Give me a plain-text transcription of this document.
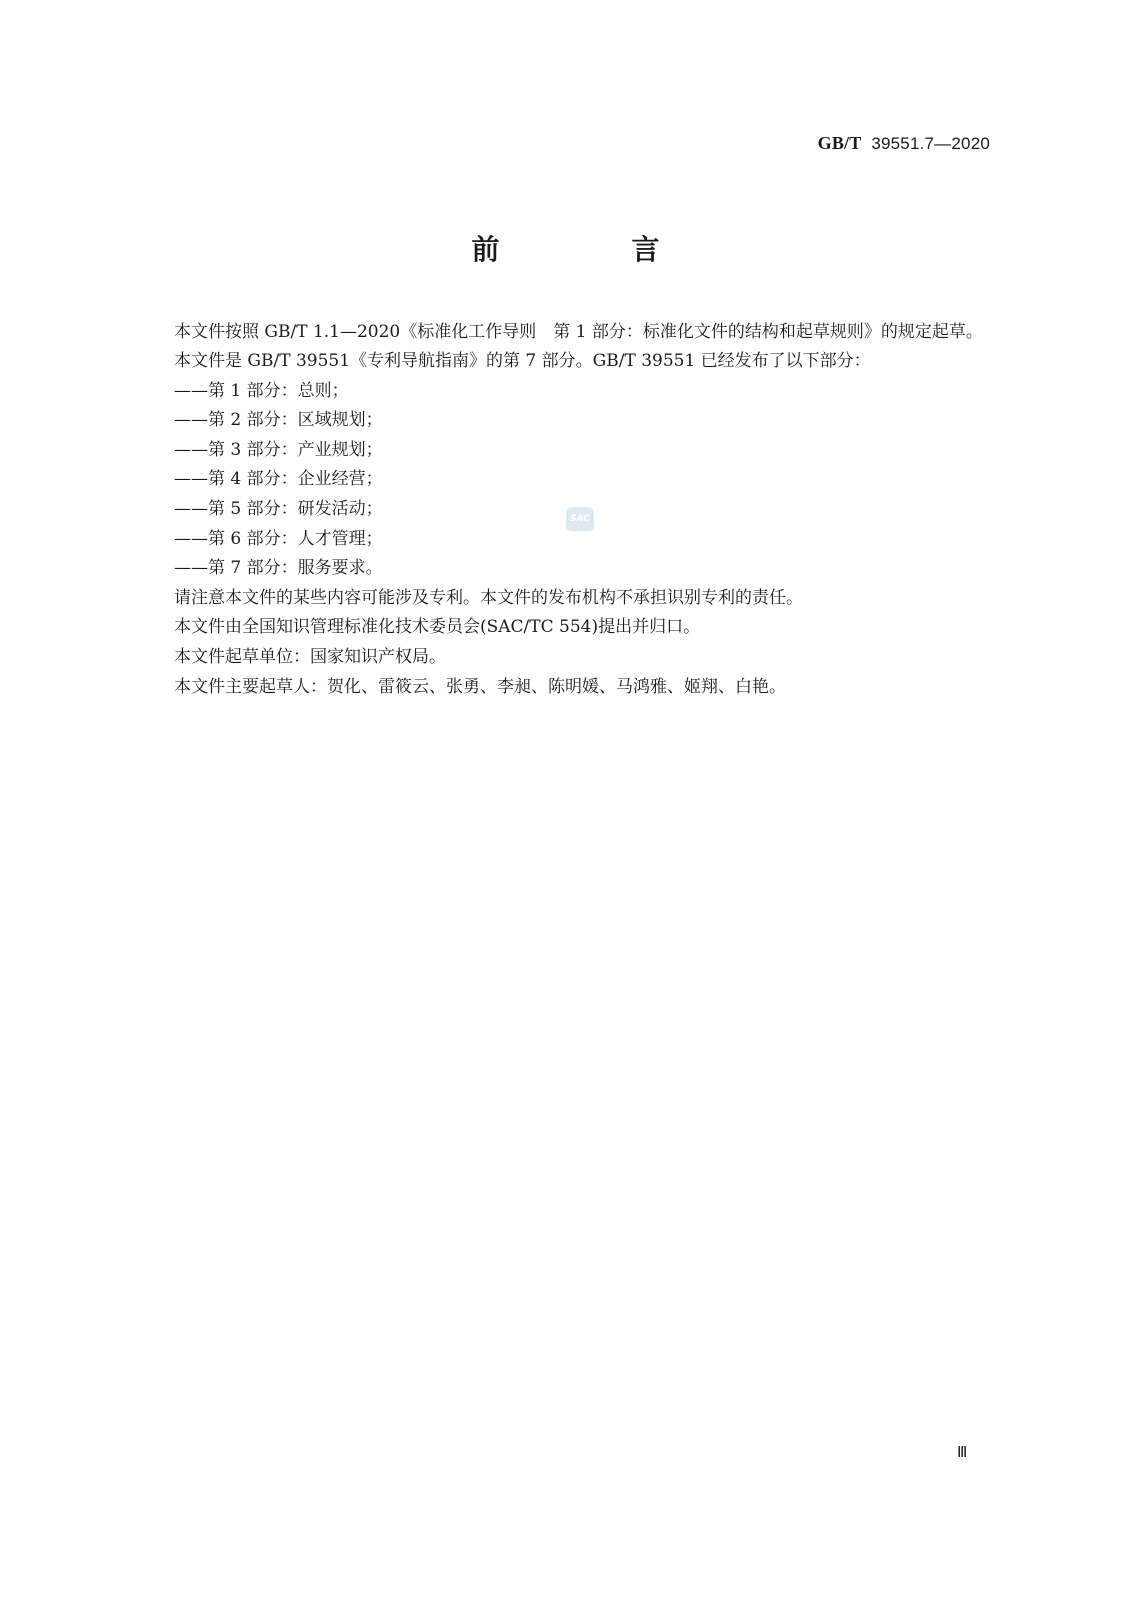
GB/T 39551.7—2020
前　言
SAC

本文件按照 GB/T 1.1—2020《标准化工作导则　第 1 部分：标准化文件的结构和起草规则》的规定起草。

本文件是 GB/T 39551《专利导航指南》的第 7 部分。GB/T 39551 已经发布了以下部分：

——第 1 部分：总则；
——第 2 部分：区域规划；
——第 3 部分：产业规划；
——第 4 部分：企业经营；
——第 5 部分：研发活动；
——第 6 部分：人才管理；
——第 7 部分：服务要求。

请注意本文件的某些内容可能涉及专利。本文件的发布机构不承担识别专利的责任。

本文件由全国知识管理标准化技术委员会(SAC/TC 554)提出并归口。

本文件起草单位：国家知识产权局。

本文件主要起草人：贺化、雷筱云、张勇、李昶、陈明媛、马鸿雅、姬翔、白艳。

Ⅲ
